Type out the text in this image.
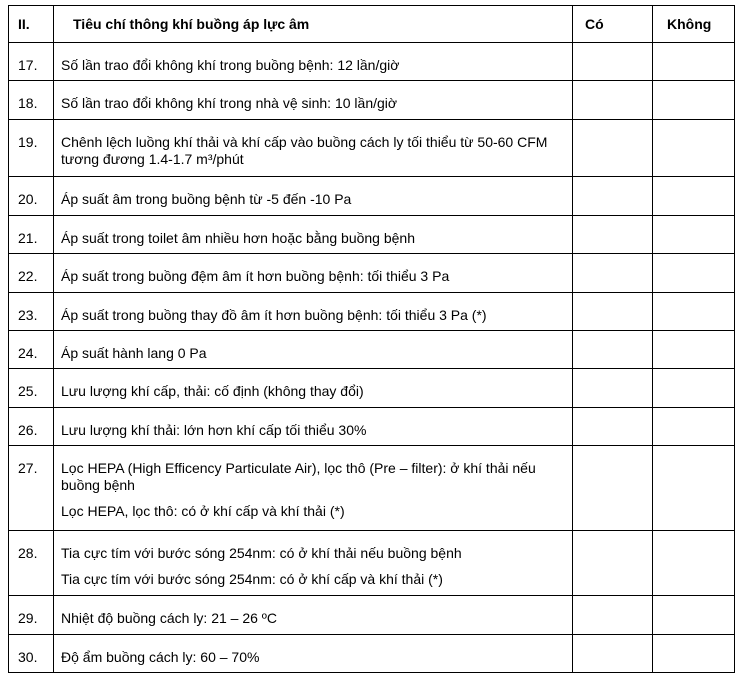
II.	Tiêu chí thông khí buồng áp lực âm	Có	Không
17.	Số lần trao đổi không khí trong buồng bệnh: 12 lần/giờ		

18.	Số lần trao đổi không khí trong nhà vệ sinh: 10 lần/giờ		

19.	Chênh lệch luồng khí thải và khí cấp vào buồng cách ly tối thiểu từ 50-60 CFM tương đương 1.4-1.7 m³/phút		

20.	Áp suất âm trong buồng bệnh từ -5 đến -10 Pa		

21.	Áp suất trong toilet âm nhiều hơn hoặc bằng buồng bệnh		

22.	Áp suất trong buồng đệm âm ít hơn buồng bệnh: tối thiểu 3 Pa		

23.	Áp suất trong buồng thay đồ âm ít hơn buồng bệnh: tối thiểu 3 Pa (*)		

24.	Áp suất hành lang 0 Pa		

25.	Lưu lượng khí cấp, thải: cố định (không thay đổi)		

26.	Lưu lượng khí thải: lớn hơn khí cấp tối thiểu 30%		

27.	Lọc HEPA (High Efficency Particulate Air), lọc thô (Pre – filter): ở khí thải nếu buồng bệnh
Lọc HEPA, lọc thô: có ở khí cấp và khí thải (*)		

28.	Tia cực tím với bước sóng 254nm: có ở khí thải nếu buồng bệnh
Tia cực tím với bước sóng 254nm: có ở khí cấp và khí thải (*)		

29.	Nhiệt độ buồng cách ly: 21 – 26 ºC		

30.	Độ ẩm buồng cách ly: 60 – 70%		
